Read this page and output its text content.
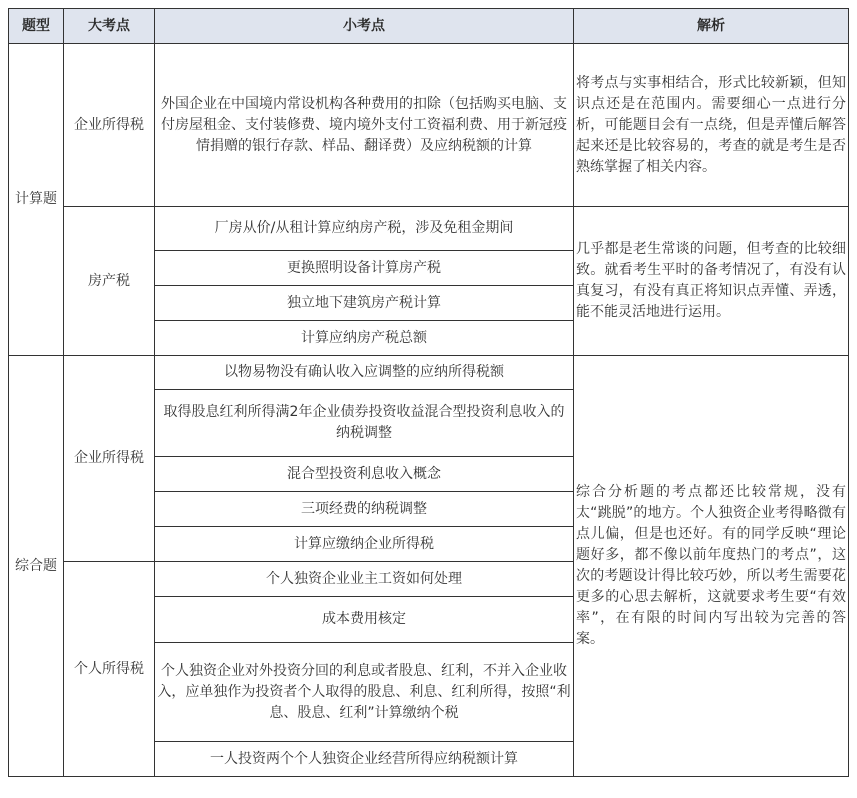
题型	大考点	小考点	解析
计算题	企业所得税	外国企业在中国境内常设机构各种费用的扣除（包括购买电脑、支付房屋租金、支付装修费、境内境外支付工资福利费、用于新冠疫情捐赠的银行存款、样品、翻译费）及应纳税额的计算	将考点与实事相结合，形式比较新颖，但知识点还是在范围内。需要细心一点进行分析，可能题目会有一点绕，但是弄懂后解答起来还是比较容易的，考查的就是考生是否熟练掌握了相关内容。
	房产税	厂房从价/从租计算应纳房产税，涉及免租金期间	几乎都是老生常谈的问题，但考查的比较细致。就看考生平时的备考情况了，有没有认真复习，有没有真正将知识点弄懂、弄透，能不能灵活地进行运用。
		更换照明设备计算房产税	
		独立地下建筑房产税计算	
		计算应纳房产税总额	
综合题	企业所得税	以物易物没有确认收入应调整的应纳所得税额	综合分析题的考点都还比较常规，没有太“跳脱”的地方。个人独资企业考得略微有点儿偏，但是也还好。有的同学反映“理论题好多，都不像以前年度热门的考点”，这次的考题设计得比较巧妙，所以考生需要花更多的心思去解析，这就要求考生要“有效率”，在有限的时间内写出较为完善的答案。
		取得股息红利所得满2年企业债券投资收益混合型投资利息收入的纳税调整	
		混合型投资利息收入概念	
		三项经费的纳税调整	
		计算应缴纳企业所得税	
	个人所得税	个人独资企业业主工资如何处理	
		成本费用核定	
		个人独资企业对外投资分回的利息或者股息、红利，不并入企业收入，应单独作为投资者个人取得的股息、利息、红利所得，按照“利息、股息、红利”计算缴纳个税	
		一人投资两个个人独资企业经营所得应纳税额计算	
